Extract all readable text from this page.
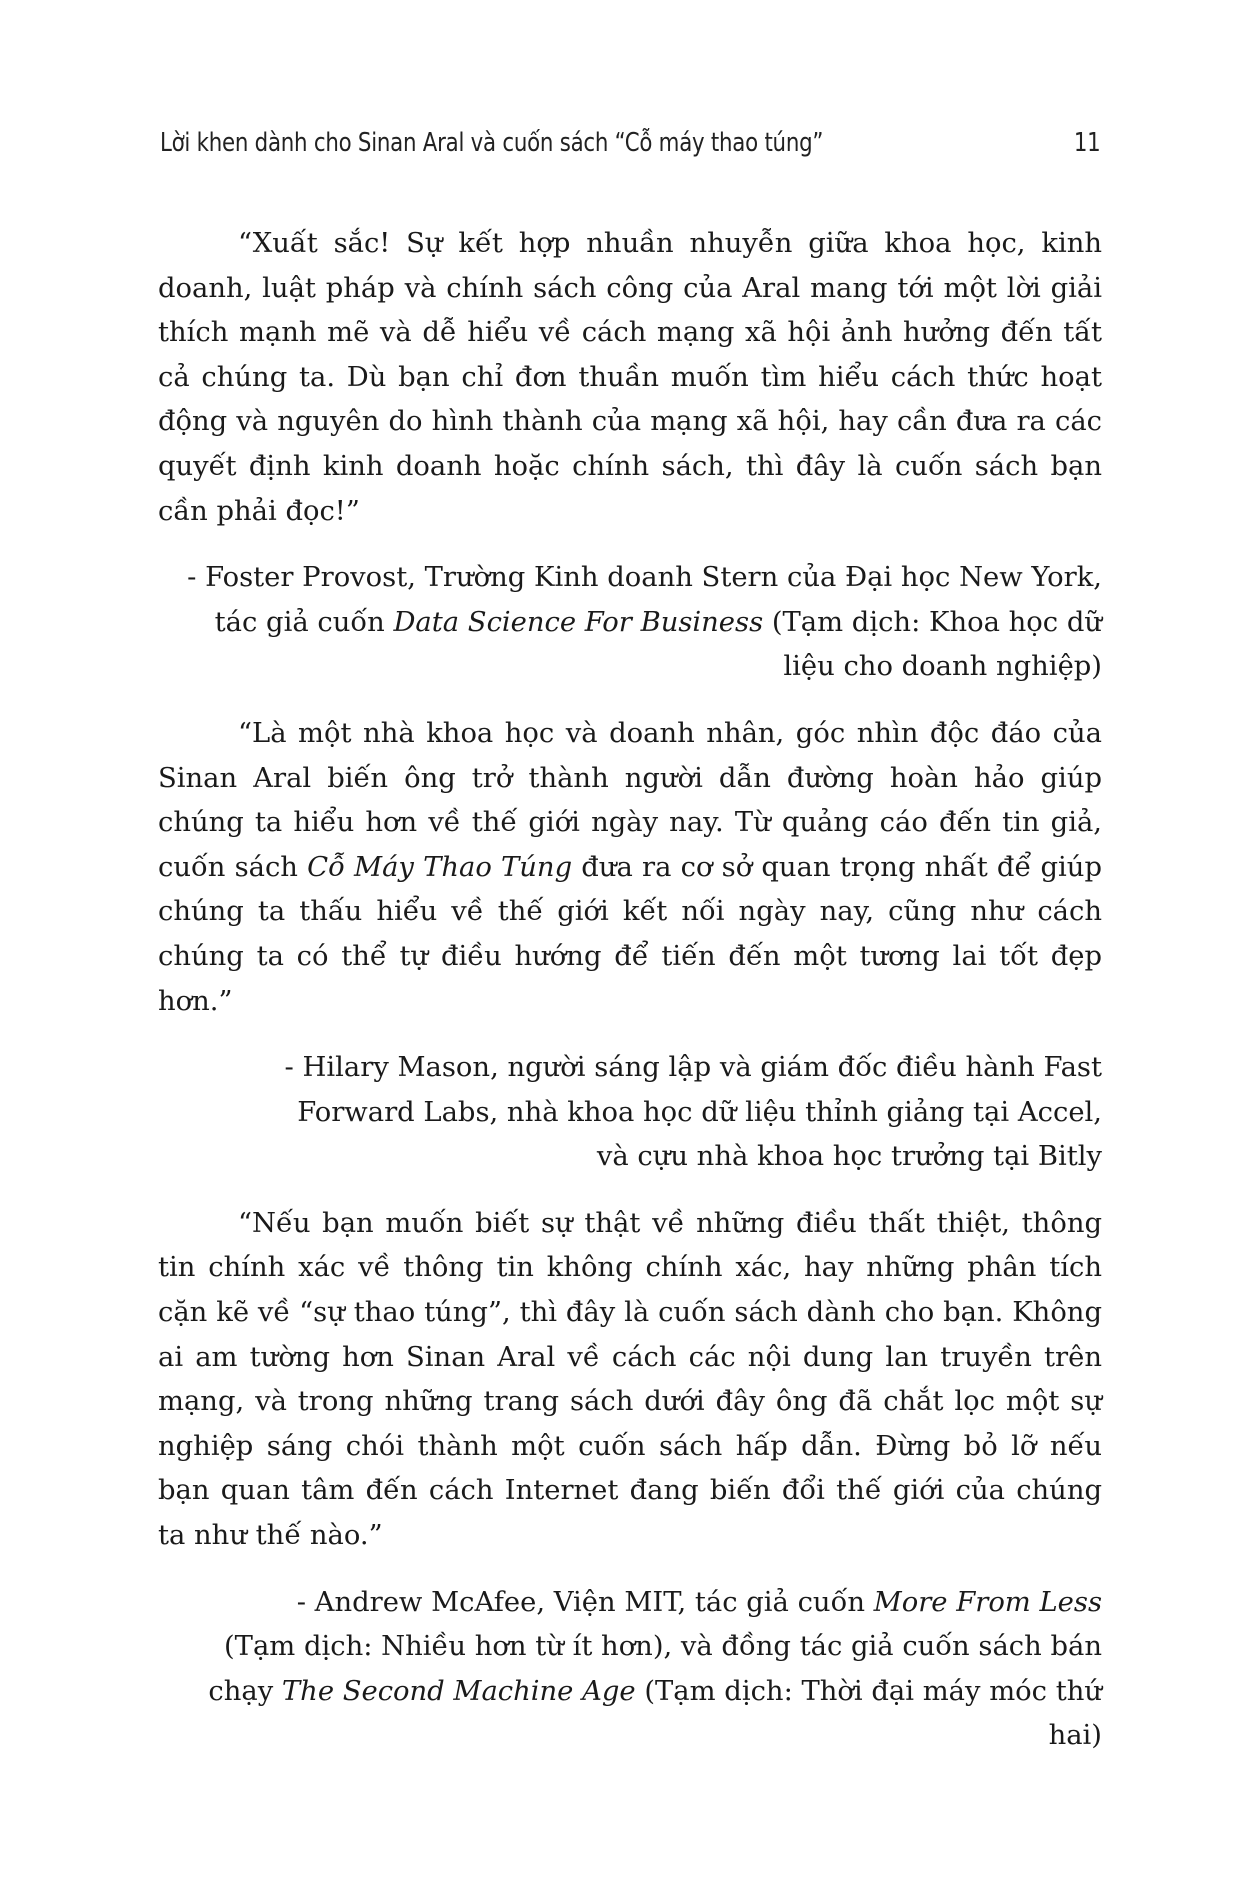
Lời khen dành cho Sinan Aral và cuốn sách “Cỗ máy thao túng”	11

“Xuất sắc! Sự kết hợp nhuần nhuyễn giữa khoa học, kinh doanh, luật pháp và chính sách công của Aral mang tới một lời giải thích mạnh mẽ và dễ hiểu về cách mạng xã hội ảnh hưởng đến tất cả chúng ta. Dù bạn chỉ đơn thuần muốn tìm hiểu cách thức hoạt động và nguyên do hình thành của mạng xã hội, hay cần đưa ra các quyết định kinh doanh hoặc chính sách, thì đây là cuốn sách bạn cần phải đọc!”

- Foster Provost, Trường Kinh doanh Stern của Đại học New York, tác giả cuốn Data Science For Business (Tạm dịch: Khoa học dữ liệu cho doanh nghiệp)

“Là một nhà khoa học và doanh nhân, góc nhìn độc đáo của Sinan Aral biến ông trở thành người dẫn đường hoàn hảo giúp chúng ta hiểu hơn về thế giới ngày nay. Từ quảng cáo đến tin giả, cuốn sách Cỗ Máy Thao Túng đưa ra cơ sở quan trọng nhất để giúp chúng ta thấu hiểu về thế giới kết nối ngày nay, cũng như cách chúng ta có thể tự điều hướng để tiến đến một tương lai tốt đẹp hơn.”

- Hilary Mason, người sáng lập và giám đốc điều hành Fast
Forward Labs, nhà khoa học dữ liệu thỉnh giảng tại Accel,
và cựu nhà khoa học trưởng tại Bitly

“Nếu bạn muốn biết sự thật về những điều thất thiệt, thông tin chính xác về thông tin không chính xác, hay những phân tích cặn kẽ về “sự thao túng”, thì đây là cuốn sách dành cho bạn. Không ai am tường hơn Sinan Aral về cách các nội dung lan truyền trên mạng, và trong những trang sách dưới đây ông đã chắt lọc một sự nghiệp sáng chói thành một cuốn sách hấp dẫn. Đừng bỏ lỡ nếu bạn quan tâm đến cách Internet đang biến đổi thế giới của chúng ta như thế nào.”

- Andrew McAfee, Viện MIT, tác giả cuốn More From Less
(Tạm dịch: Nhiều hơn từ ít hơn), và đồng tác giả cuốn sách bán
chạy The Second Machine Age (Tạm dịch: Thời đại máy móc thứ hai)
